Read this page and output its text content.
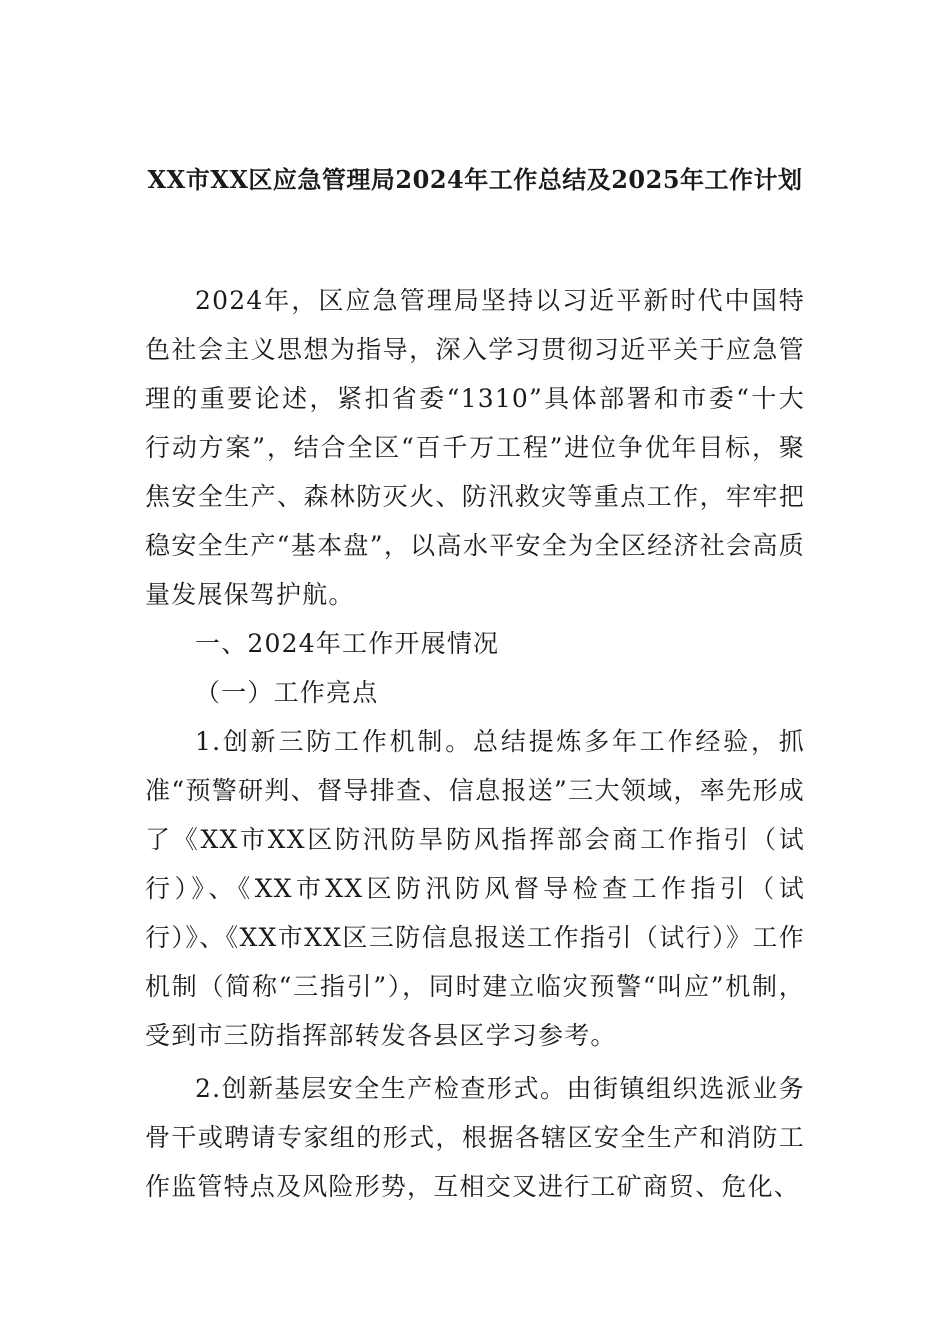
XX市XX区应急管理局2024年工作总结及2025年工作计划

2024年，区应急管理局坚持以习近平新时代中国特色社会主义思想为指导，深入学习贯彻习近平关于应急管理的重要论述，紧扣省委“1310”具体部署和市委“十大行动方案”，结合全区“百千万工程”进位争优年目标，聚焦安全生产、森林防灭火、防汛救灾等重点工作，牢牢把稳安全生产“基本盘”，以高水平安全为全区经济社会高质量发展保驾护航。

一、2024年工作开展情况

（一）工作亮点

1.创新三防工作机制。总结提炼多年工作经验，抓准“预警研判、督导排查、信息报送”三大领域，率先形成了《XX市XX区防汛防旱防风指挥部会商工作指引（试行）》、《XX市XX区防汛防风督导检查工作指引（试行）》、《XX市XX区三防信息报送工作指引（试行）》工作机制（简称“三指引”），同时建立临灾预警“叫应”机制，受到市三防指挥部转发各县区学习参考。

2.创新基层安全生产检查形式。由街镇组织选派业务骨干或聘请专家组的形式，根据各辖区安全生产和消防工作监管特点及风险形势，互相交叉进行工矿商贸、危化、
